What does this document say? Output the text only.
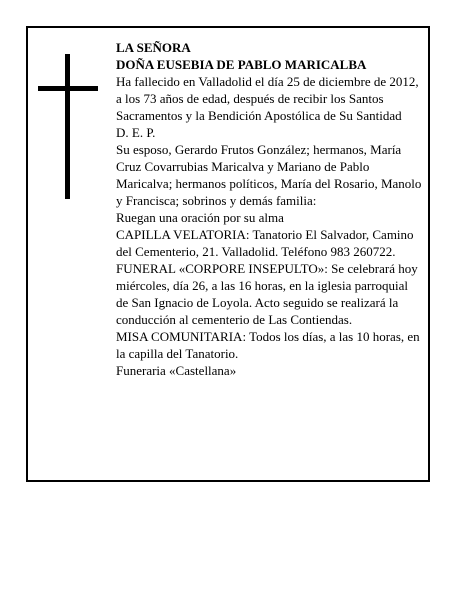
LA SEÑORA

DOÑA EUSEBIA DE PABLO MARICALBA

Ha fallecido en Valladolid el día 25 de diciembre de 2012, a los 73 años de edad, después de recibir los Santos Sacramentos y la Bendición Apostólica de Su Santidad

D. E. P.

Su esposo, Gerardo Frutos González; hermanos, María Cruz Covarrubias Maricalva y Mariano de Pablo Maricalva; hermanos políticos, María del Rosario, Manolo y Francisca; sobrinos y demás familia:

Ruegan una oración por su alma

CAPILLA VELATORIA: Tanatorio El Salvador, Camino del Cementerio, 21. Valladolid. Teléfono 983 260722.

FUNERAL «CORPORE INSEPULTO»: Se celebrará hoy miércoles, día 26, a las 16 horas, en la iglesia parroquial de San Ignacio de Loyola. Acto seguido se realizará la conducción al cementerio de Las Contiendas.

MISA COMUNITARIA: Todos los días, a las 10 horas, en la capilla del Tanatorio.

Funeraria «Castellana»
